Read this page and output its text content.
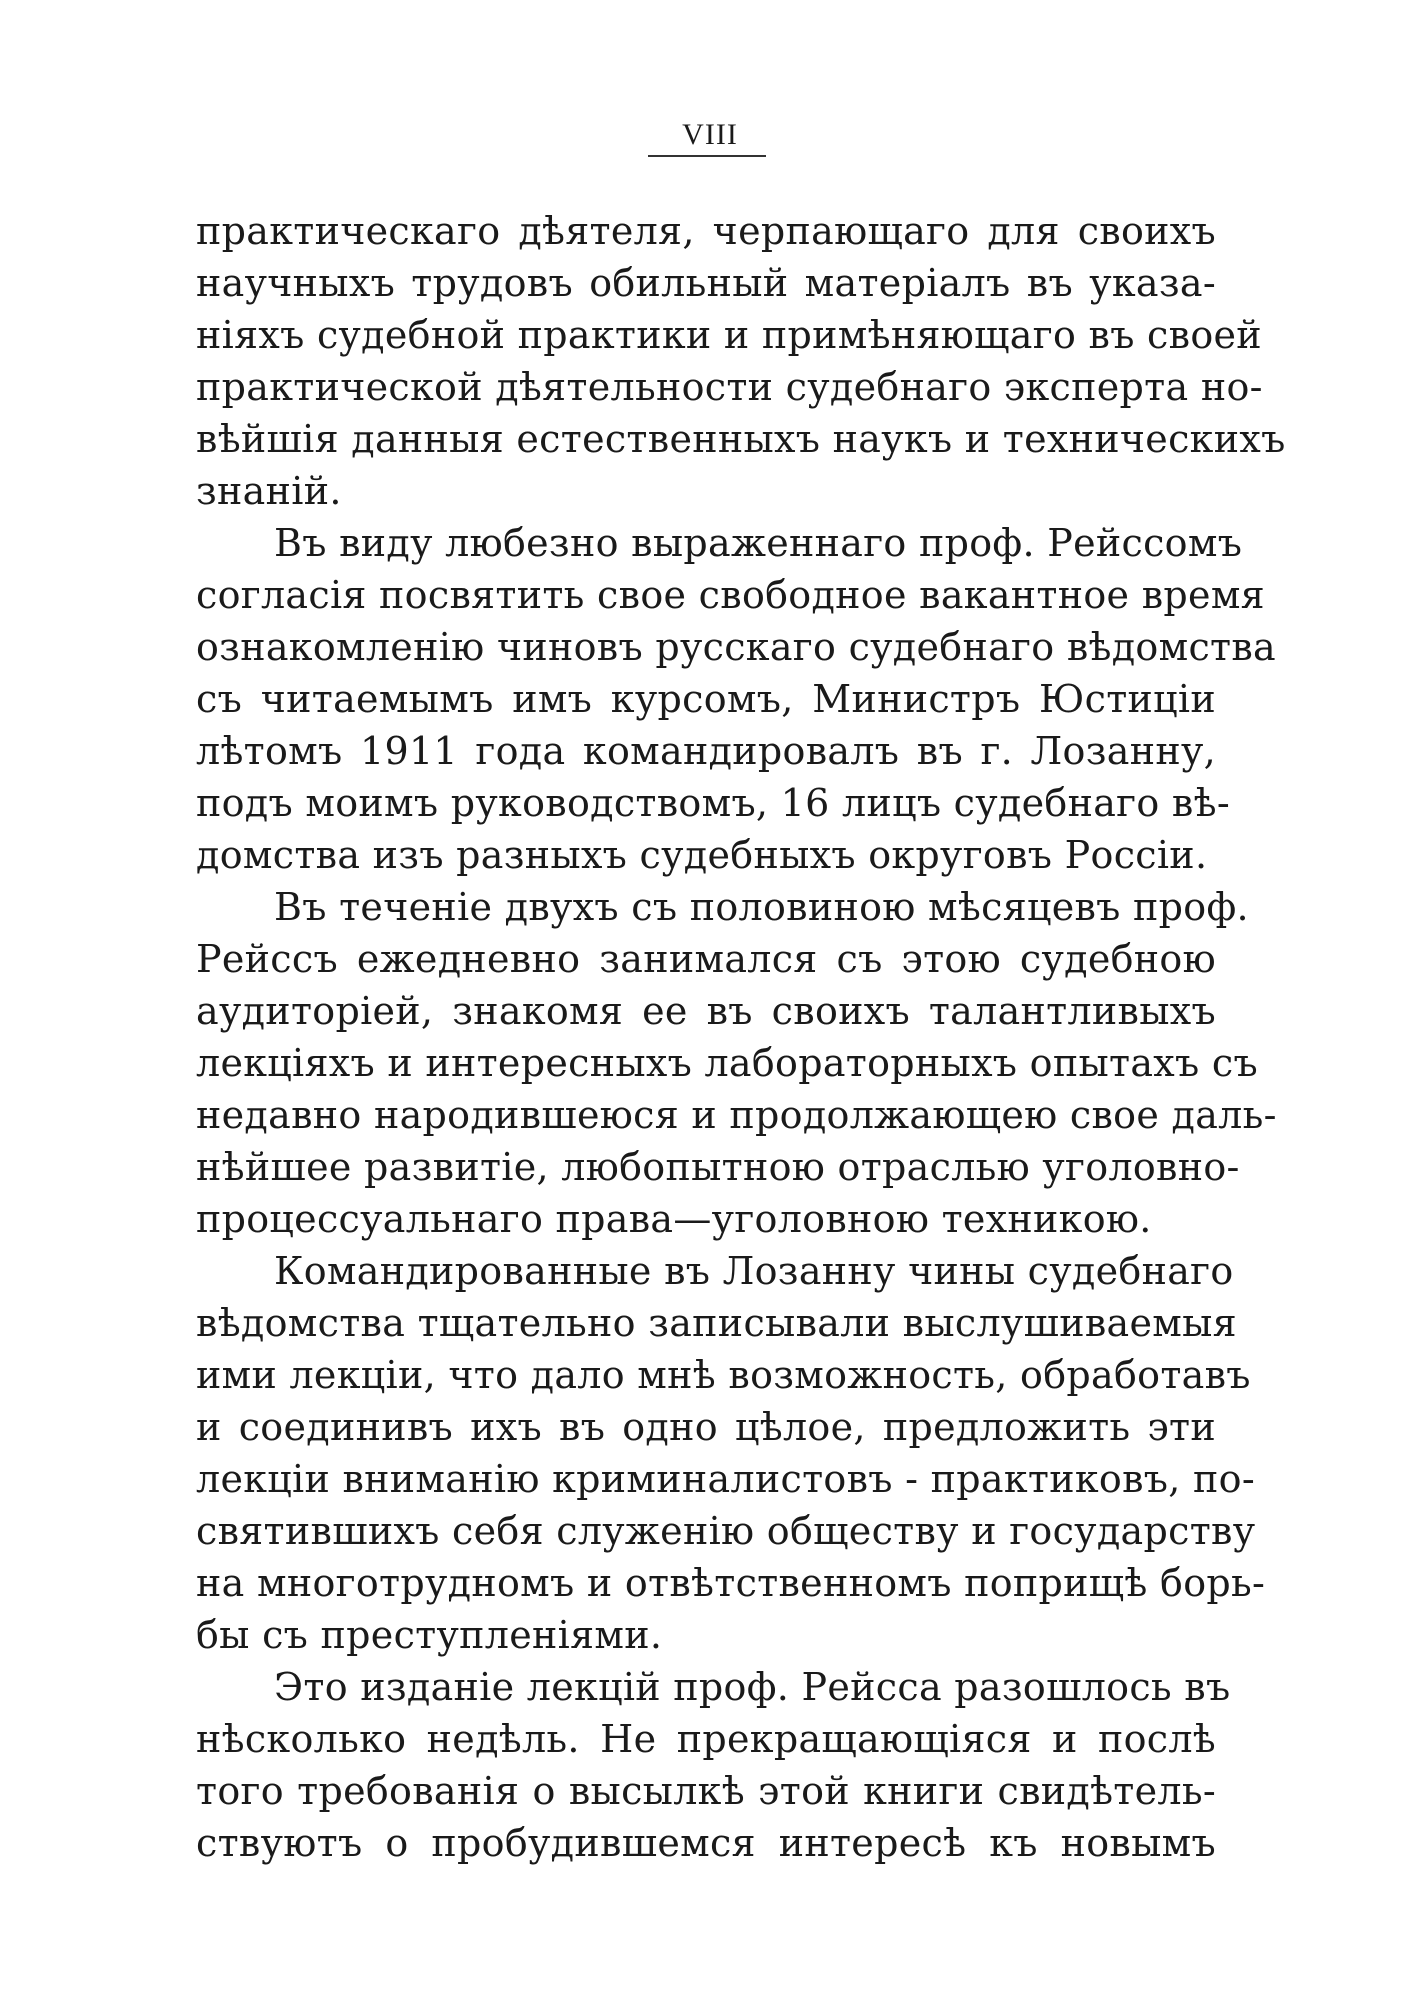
VIII

практическаго дѣятеля, черпающаго для своихъ
научныхъ трудовъ обильный матеріалъ въ указа-
ніяхъ судебной практики и примѣняющаго въ своей
практической дѣятельности судебнаго эксперта но-
вѣйшія данныя естественныхъ наукъ и техническихъ
знаній.

Въ виду любезно выраженнаго проф. Рейссомъ
согласія посвятить свое свободное вакантное время
ознакомленію чиновъ русскаго судебнаго вѣдомства
съ читаемымъ имъ курсомъ, Министръ Юстиціи
лѣтомъ 1911 года командировалъ въ г. Лозанну,
подъ моимъ руководствомъ, 16 лицъ судебнаго вѣ-
домства изъ разныхъ судебныхъ округовъ Россіи.

Въ теченіе двухъ съ половиною мѣсяцевъ проф.
Рейссъ ежедневно занимался съ этою судебною
аудиторіей, знакомя ее въ своихъ талантливыхъ
лекціяхъ и интересныхъ лабораторныхъ опытахъ съ
недавно народившеюся и продолжающею свое даль-
нѣйшее развитіе, любопытною отраслью уголовно-
процессуальнаго права—уголовною техникою.

Командированные въ Лозанну чины судебнаго
вѣдомства тщательно записывали выслушиваемыя
ими лекціи, что дало мнѣ возможность, обработавъ
и соединивъ ихъ въ одно цѣлое, предложить эти
лекціи вниманію криминалистовъ - практиковъ, по-
святившихъ себя служенію обществу и государству
на многотрудномъ и отвѣтственномъ поприщѣ борь-
бы съ преступленіями.

Это изданіе лекцій проф. Рейсса разошлось въ
нѣсколько недѣль. Не прекращающіяся и послѣ
того требованія о высылкѣ этой книги свидѣтель-
ствуютъ о пробудившемся интересѣ къ новымъ
